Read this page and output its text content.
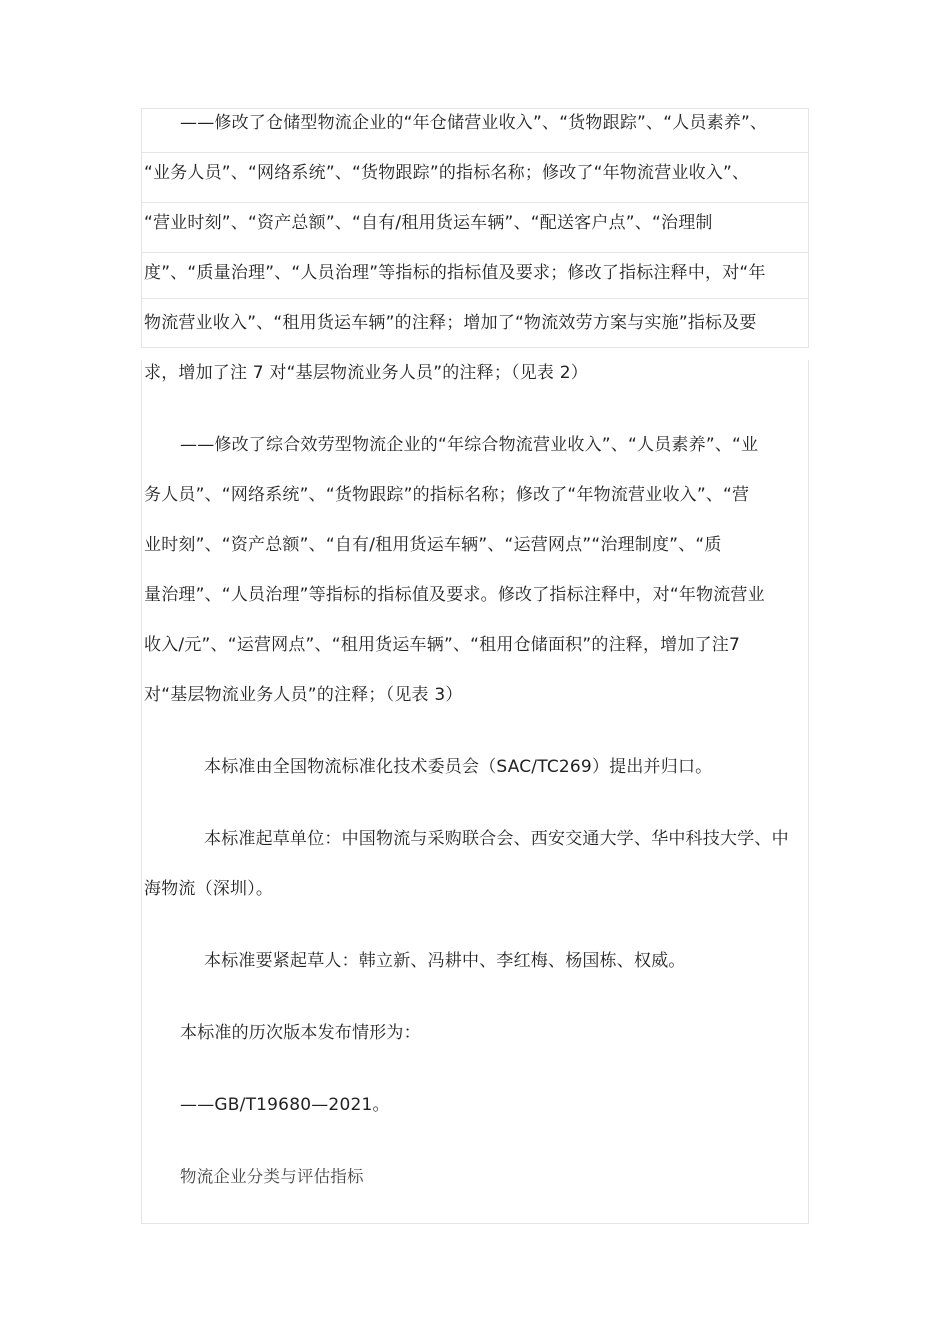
——修改了仓储型物流企业的“年仓储营业收入”、“货物跟踪”、“人员素养”、
“业务人员”、“网络系统”、“货物跟踪”的指标名称；修改了“年物流营业收入”、
“营业时刻”、“资产总额”、“自有/租用货运车辆”、“配送客户点”、“治理制
度”、“质量治理”、“人员治理”等指标的指标值及要求；修改了指标注释中，对“年
物流营业收入”、“租用货运车辆”的注释；增加了“物流效劳方案与实施”指标及要
求，增加了注 7 对“基层物流业务人员”的注释；（见表 2）
——修改了综合效劳型物流企业的“年综合物流营业收入”、“人员素养”、“业
务人员”、“网络系统”、“货物跟踪”的指标名称；修改了“年物流营业收入”、“营
业时刻”、“资产总额”、“自有/租用货运车辆”、“运营网点”“治理制度”、“质
量治理”、“人员治理”等指标的指标值及要求。修改了指标注释中，对“年物流营业
收入/元”、“运营网点”、“租用货运车辆”、“租用仓储面积”的注释，增加了注7
对“基层物流业务人员”的注释；（见表 3）
本标准由全国物流标准化技术委员会（SAC/TC269）提出并归口。
本标准起草单位：中国物流与采购联合会、西安交通大学、华中科技大学、中
海物流（深圳）。
本标准要紧起草人：韩立新、冯耕中、李红梅、杨国栋、权威。
本标准的历次版本发布情形为：
——GB/T19680—2021。
物流企业分类与评估指标
